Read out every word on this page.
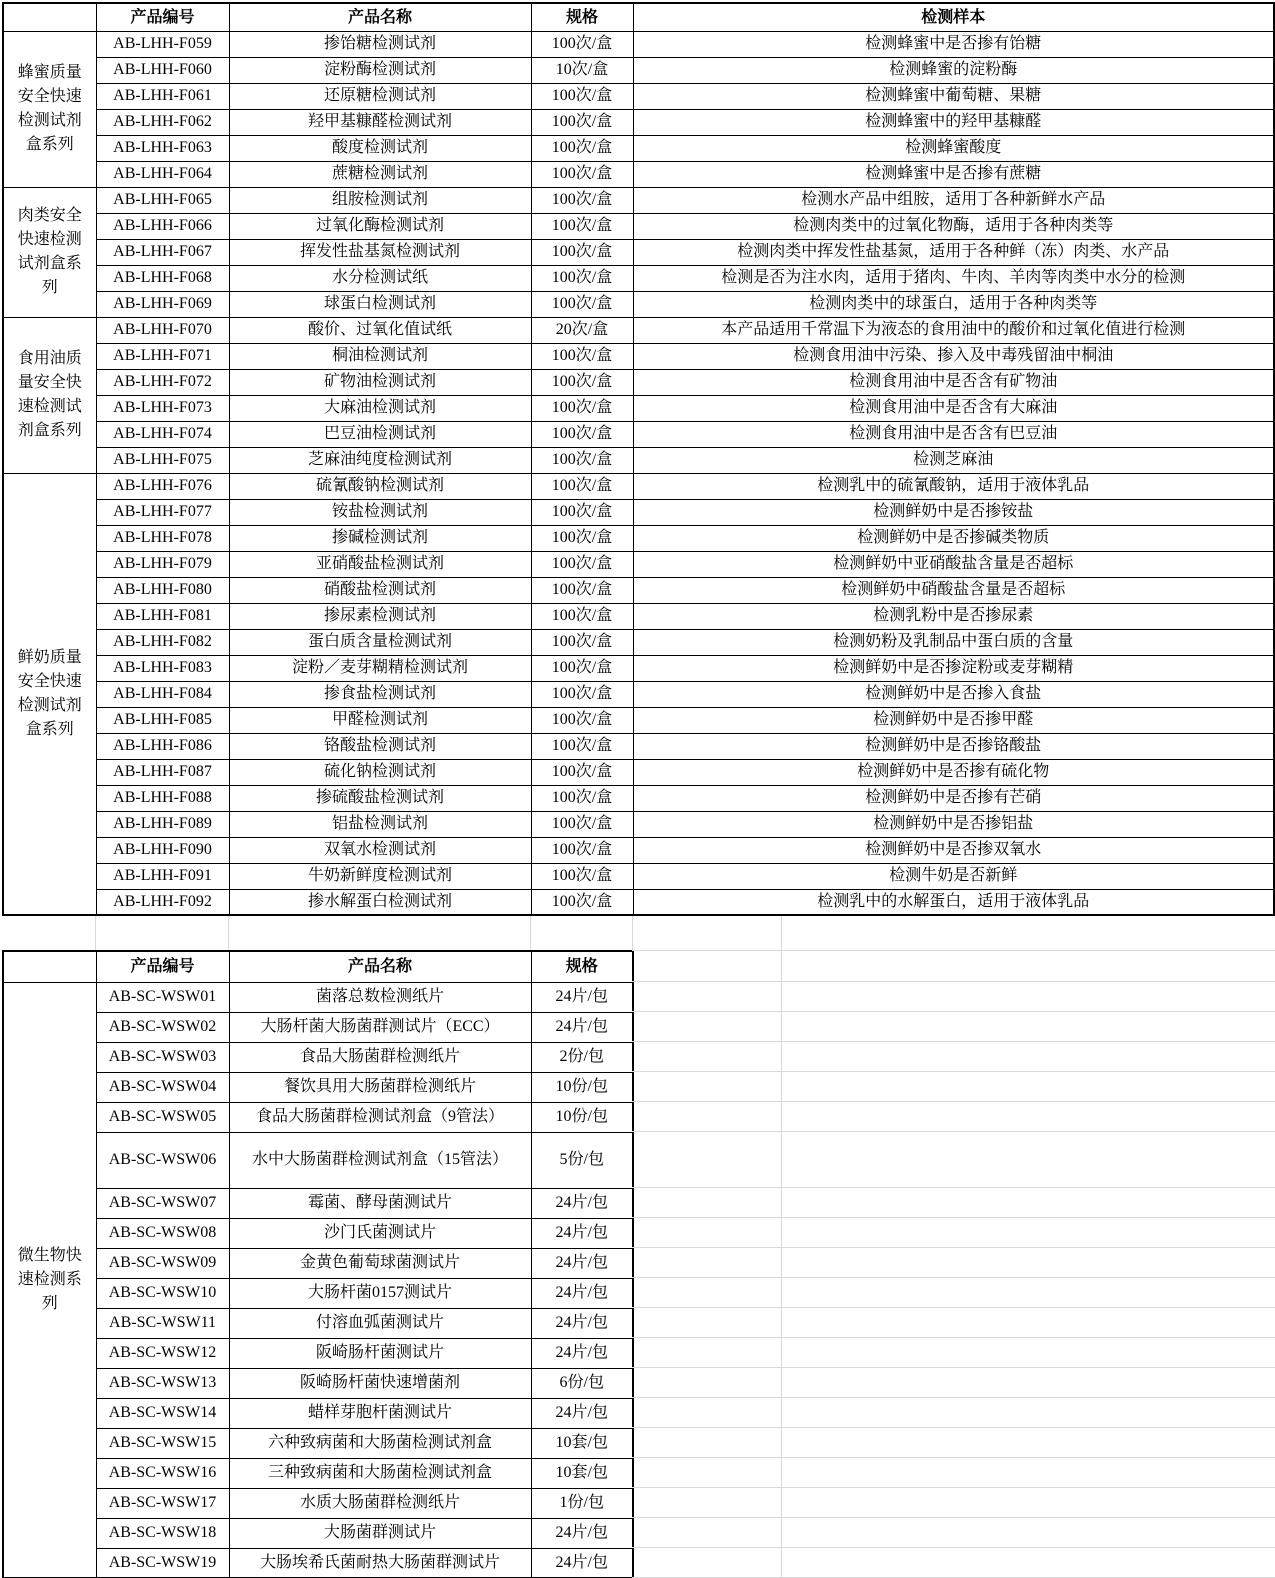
	产品编号	产品名称	规格	检测样本
蜂蜜质量安全快速检测试剂盒系列	AB-LHH-F059	掺饴糖检测试剂	100次/盒	检测蜂蜜中是否掺有饴糖
	AB-LHH-F060	淀粉酶检测试剂	10次/盒	检测蜂蜜的淀粉酶
	AB-LHH-F061	还原糖检测试剂	100次/盒	检测蜂蜜中葡萄糖、果糖
	AB-LHH-F062	羟甲基糠醛检测试剂	100次/盒	检测蜂蜜中的羟甲基糠醛
	AB-LHH-F063	酸度检测试剂	100次/盒	检测蜂蜜酸度
	AB-LHH-F064	蔗糖检测试剂	100次/盒	检测蜂蜜中是否掺有蔗糖
肉类安全快速检测试剂盒系列	AB-LHH-F065	组胺检测试剂	100次/盒	检测水产品中组胺，适用丁各种新鲜水产品
	AB-LHH-F066	过氧化酶检测试剂	100次/盒	检测肉类中的过氧化物酶，适用于各种肉类等
	AB-LHH-F067	挥发性盐基氮检测试剂	100次/盒	检测肉类中挥发性盐基氮，适用于各种鲜（冻）肉类、水产品
	AB-LHH-F068	水分检测试纸	100次/盒	检测是否为注水肉，适用于猪肉、牛肉、羊肉等肉类中水分的检测
	AB-LHH-F069	球蛋白检测试剂	100次/盒	检测肉类中的球蛋白，适用于各种肉类等
食用油质量安全快速检测试剂盒系列	AB-LHH-F070	酸价、过氧化值试纸	20次/盒	本产品适用千常温下为液态的食用油中的酸价和过氧化值进行检测
	AB-LHH-F071	桐油检测试剂	100次/盒	检测食用油中污染、掺入及中毒残留油中桐油
	AB-LHH-F072	矿物油检测试剂	100次/盒	检测食用油中是否含有矿物油
	AB-LHH-F073	大麻油检测试剂	100次/盒	检测食用油中是否含有大麻油
	AB-LHH-F074	巴豆油检测试剂	100次/盒	检测食用油中是否含有巴豆油
	AB-LHH-F075	芝麻油纯度检测试剂	100次/盒	检测芝麻油
鲜奶质量安全快速检测试剂盒系列	AB-LHH-F076	硫氰酸钠检测试剂	100次/盒	检测乳中的硫氰酸钠，适用于液体乳品
	AB-LHH-F077	铵盐检测试剂	100次/盒	检测鲜奶中是否掺铵盐
	AB-LHH-F078	掺碱检测试剂	100次/盒	检测鲜奶中是否掺碱类物质
	AB-LHH-F079	亚硝酸盐检测试剂	100次/盒	检测鲜奶中亚硝酸盐含量是否超标
	AB-LHH-F080	硝酸盐检测试剂	100次/盒	检测鲜奶中硝酸盐含量是否超标
	AB-LHH-F081	掺尿素检测试剂	100次/盒	检测乳粉中是否掺尿素
	AB-LHH-F082	蛋白质含量检测试剂	100次/盒	检测奶粉及乳制品中蛋白质的含量
	AB-LHH-F083	淀粉／麦芽糊精检测试剂	100次/盒	检测鲜奶中是否掺淀粉或麦芽糊精
	AB-LHH-F084	掺食盐检测试剂	100次/盒	检测鲜奶中是否掺入食盐
	AB-LHH-F085	甲醛检测试剂	100次/盒	检测鲜奶中是否掺甲醛
	AB-LHH-F086	铬酸盐检测试剂	100次/盒	检测鲜奶中是否掺铬酸盐
	AB-LHH-F087	硫化钠检测试剂	100次/盒	检测鲜奶中是否掺有硫化物
	AB-LHH-F088	掺硫酸盐检测试剂	100次/盒	检测鲜奶中是否掺有芒硝
	AB-LHH-F089	铝盐检测试剂	100次/盒	检测鲜奶中是否掺铝盐
	AB-LHH-F090	双氧水检测试剂	100次/盒	检测鲜奶中是否掺双氧水
	AB-LHH-F091	牛奶新鲜度检测试剂	100次/盒	检测牛奶是否新鲜
	AB-LHH-F092	掺水解蛋白检测试剂	100次/盒	检测乳中的水解蛋白，适用于液体乳品
	产品编号	产品名称	规格
微生物快速检测系列	AB-SC-WSW01	菌落总数检测纸片	24片/包
	AB-SC-WSW02	大肠杆菌大肠菌群测试片（ECC）	24片/包
	AB-SC-WSW03	食品大肠菌群检测纸片	2份/包
	AB-SC-WSW04	餐饮具用大肠菌群检测纸片	10份/包
	AB-SC-WSW05	食品大肠菌群检测试剂盒（9管法）	10份/包
	AB-SC-WSW06	水中大肠菌群检测试剂盒（15管法）	5份/包
	AB-SC-WSW07	霉菌、酵母菌测试片	24片/包
	AB-SC-WSW08	沙门氏菌测试片	24片/包
	AB-SC-WSW09	金黄色葡萄球菌测试片	24片/包
	AB-SC-WSW10	大肠杆菌0157测试片	24片/包
	AB-SC-WSW11	付溶血弧菌测试片	24片/包
	AB-SC-WSW12	阪崎肠杆菌测试片	24片/包
	AB-SC-WSW13	阪崎肠杆菌快速增菌剂	6份/包
	AB-SC-WSW14	蜡样芽胞杆菌测试片	24片/包
	AB-SC-WSW15	六种致病菌和大肠菌检测试剂盒	10套/包
	AB-SC-WSW16	三种致病菌和大肠菌检测试剂盒	10套/包
	AB-SC-WSW17	水质大肠菌群检测纸片	1份/包
	AB-SC-WSW18	大肠菌群测试片	24片/包
	AB-SC-WSW19	大肠埃希氏菌耐热大肠菌群测试片	24片/包
